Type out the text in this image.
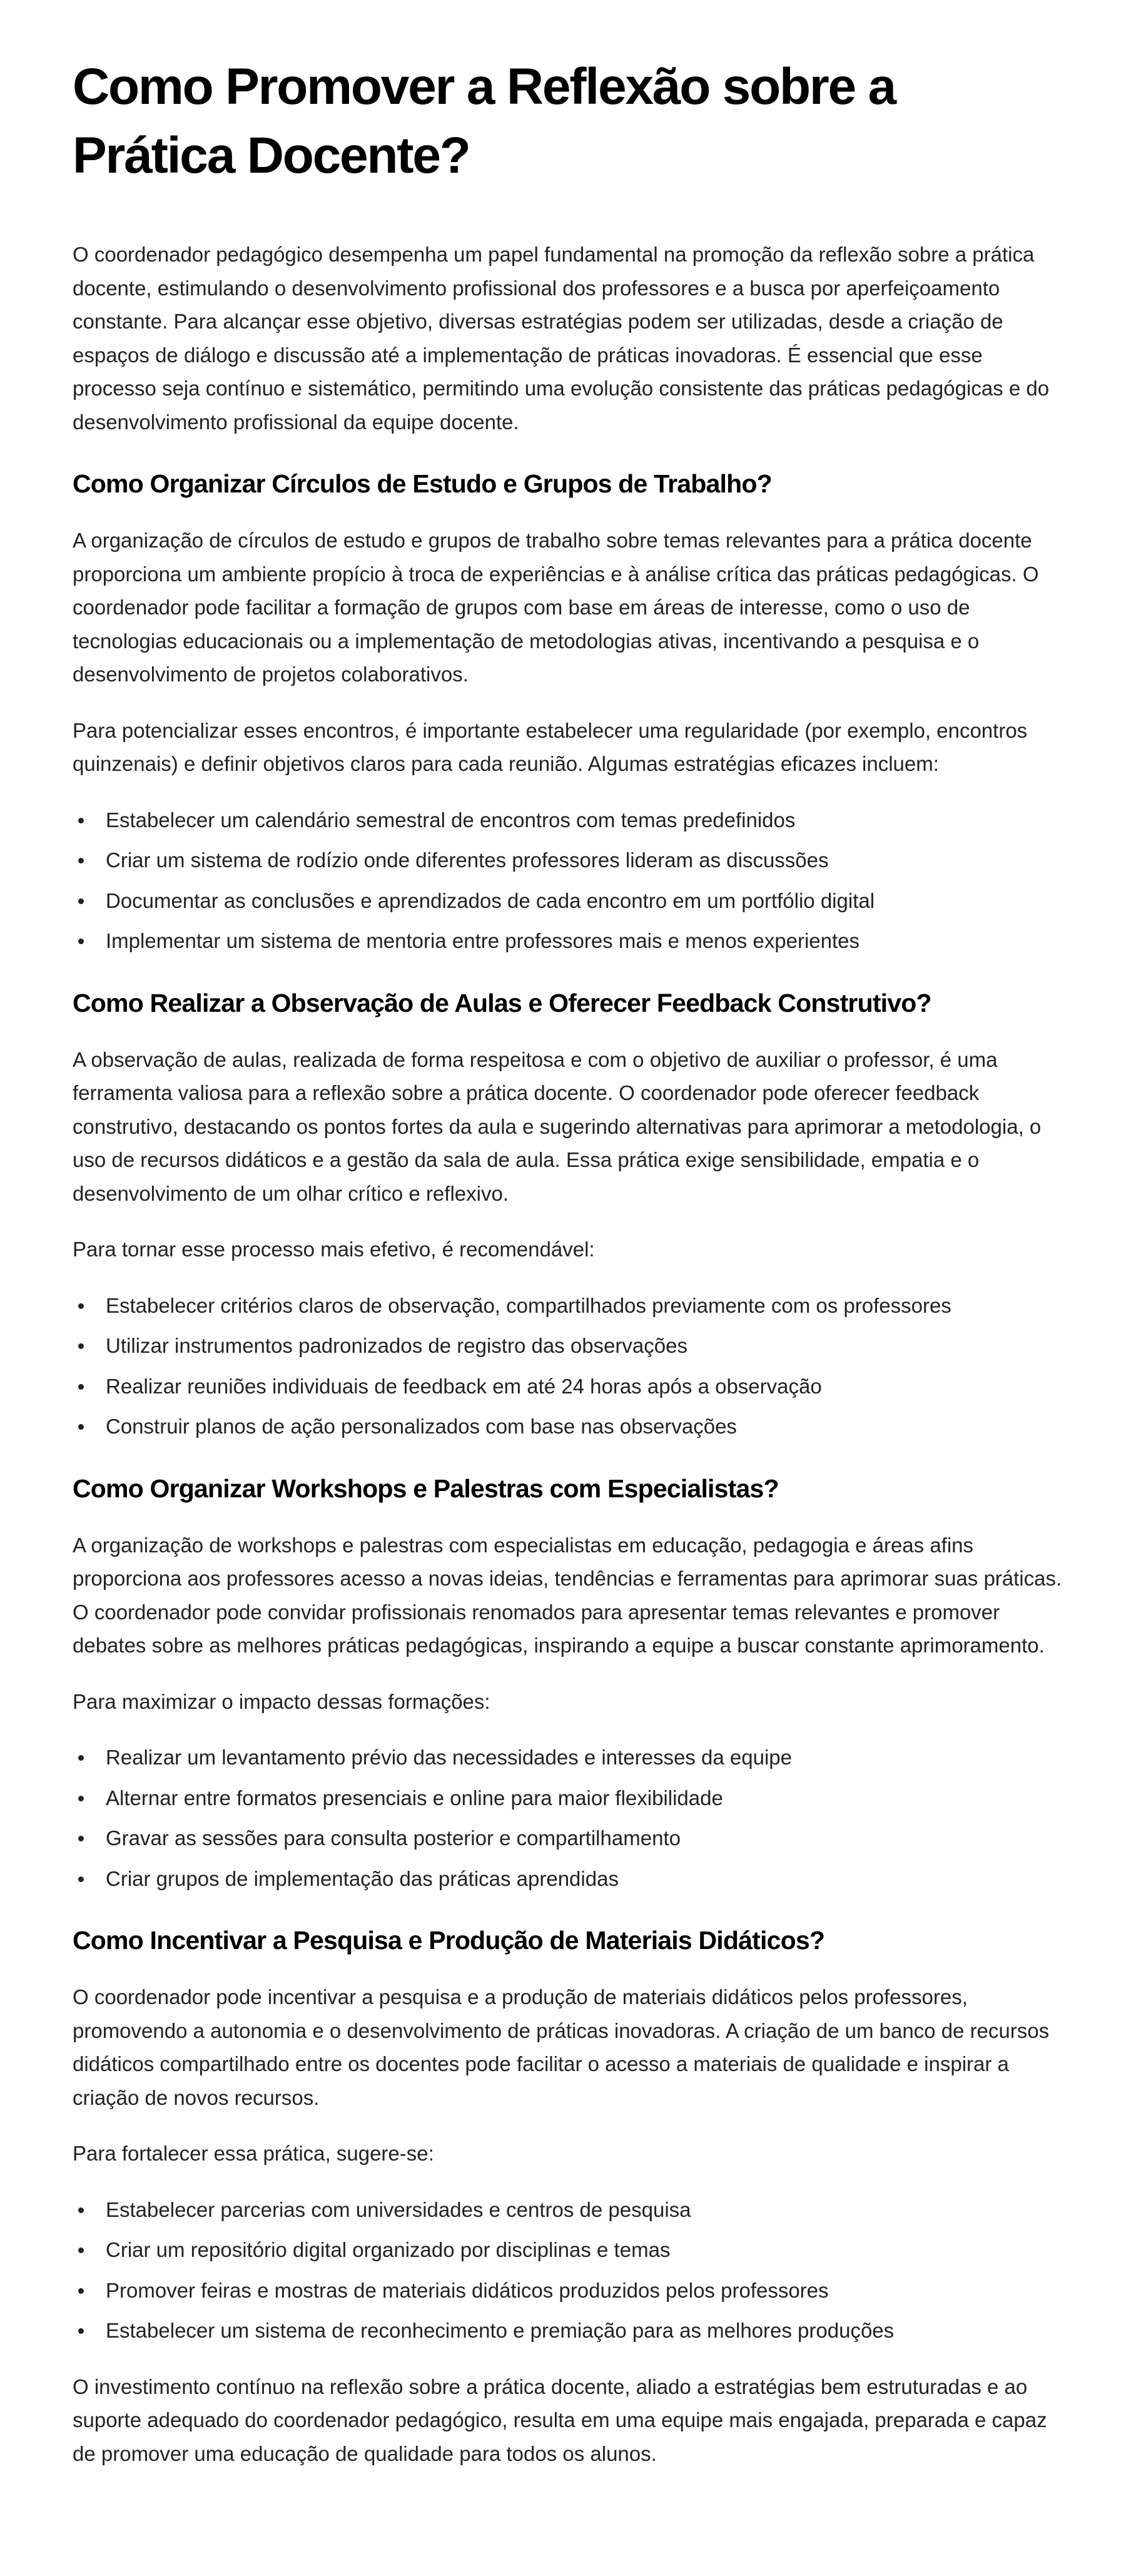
Como Promover a Reflexão sobre a Prática Docente?

O coordenador pedagógico desempenha um papel fundamental na promoção da reflexão sobre a prática docente, estimulando o desenvolvimento profissional dos professores e a busca por aperfeiçoamento constante. Para alcançar esse objetivo, diversas estratégias podem ser utilizadas, desde a criação de espaços de diálogo e discussão até a implementação de práticas inovadoras. É essencial que esse processo seja contínuo e sistemático, permitindo uma evolução consistente das práticas pedagógicas e do desenvolvimento profissional da equipe docente.

Como Organizar Círculos de Estudo e Grupos de Trabalho?

A organização de círculos de estudo e grupos de trabalho sobre temas relevantes para a prática docente proporciona um ambiente propício à troca de experiências e à análise crítica das práticas pedagógicas. O coordenador pode facilitar a formação de grupos com base em áreas de interesse, como o uso de tecnologias educacionais ou a implementação de metodologias ativas, incentivando a pesquisa e o desenvolvimento de projetos colaborativos.

Para potencializar esses encontros, é importante estabelecer uma regularidade (por exemplo, encontros quinzenais) e definir objetivos claros para cada reunião. Algumas estratégias eficazes incluem:

Estabelecer um calendário semestral de encontros com temas predefinidos
Criar um sistema de rodízio onde diferentes professores lideram as discussões
Documentar as conclusões e aprendizados de cada encontro em um portfólio digital
Implementar um sistema de mentoria entre professores mais e menos experientes
Como Realizar a Observação de Aulas e Oferecer Feedback Construtivo?

A observação de aulas, realizada de forma respeitosa e com o objetivo de auxiliar o professor, é uma ferramenta valiosa para a reflexão sobre a prática docente. O coordenador pode oferecer feedback construtivo, destacando os pontos fortes da aula e sugerindo alternativas para aprimorar a metodologia, o uso de recursos didáticos e a gestão da sala de aula. Essa prática exige sensibilidade, empatia e o desenvolvimento de um olhar crítico e reflexivo.

Para tornar esse processo mais efetivo, é recomendável:

Estabelecer critérios claros de observação, compartilhados previamente com os professores
Utilizar instrumentos padronizados de registro das observações
Realizar reuniões individuais de feedback em até 24 horas após a observação
Construir planos de ação personalizados com base nas observações
Como Organizar Workshops e Palestras com Especialistas?

A organização de workshops e palestras com especialistas em educação, pedagogia e áreas afins proporciona aos professores acesso a novas ideias, tendências e ferramentas para aprimorar suas práticas. O coordenador pode convidar profissionais renomados para apresentar temas relevantes e promover debates sobre as melhores práticas pedagógicas, inspirando a equipe a buscar constante aprimoramento.

Para maximizar o impacto dessas formações:

Realizar um levantamento prévio das necessidades e interesses da equipe
Alternar entre formatos presenciais e online para maior flexibilidade
Gravar as sessões para consulta posterior e compartilhamento
Criar grupos de implementação das práticas aprendidas
Como Incentivar a Pesquisa e Produção de Materiais Didáticos?

O coordenador pode incentivar a pesquisa e a produção de materiais didáticos pelos professores, promovendo a autonomia e o desenvolvimento de práticas inovadoras. A criação de um banco de recursos didáticos compartilhado entre os docentes pode facilitar o acesso a materiais de qualidade e inspirar a criação de novos recursos.

Para fortalecer essa prática, sugere-se:

Estabelecer parcerias com universidades e centros de pesquisa
Criar um repositório digital organizado por disciplinas e temas
Promover feiras e mostras de materiais didáticos produzidos pelos professores
Estabelecer um sistema de reconhecimento e premiação para as melhores produções

O investimento contínuo na reflexão sobre a prática docente, aliado a estratégias bem estruturadas e ao suporte adequado do coordenador pedagógico, resulta em uma equipe mais engajada, preparada e capaz de promover uma educação de qualidade para todos os alunos.
